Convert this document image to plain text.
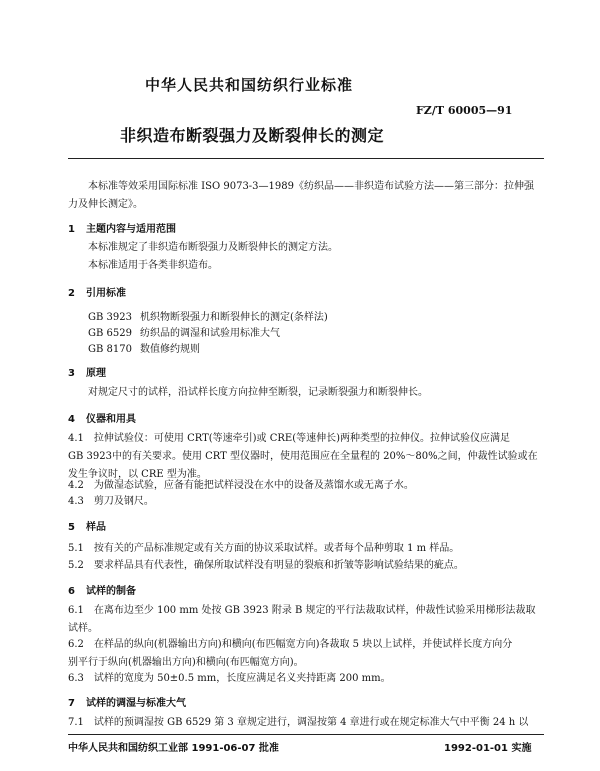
中华人民共和国纺织行业标准
FZ/T 60005—91
非织造布断裂强力及断裂伸长的测定
本标准等效采用国际标准 ISO 9073-3—1989《纺织品——非织造布试验方法——第三部分：拉伸强
力及伸长测定》。
1 主题内容与适用范围
本标准规定了非织造布断裂强力及断裂伸长的测定方法。
本标准适用于各类非织造布。
2 引用标准
GB 3923 机织物断裂强力和断裂伸长的测定(条样法)
GB 6529 纺织品的调湿和试验用标准大气
GB 8170 数值修约规则
3 原理
对规定尺寸的试样，沿试样长度方向拉伸至断裂，记录断裂强力和断裂伸长。
4 仪器和用具
4.1　拉伸试验仪：可使用 CRT(等速牵引)或 CRE(等速伸长)两种类型的拉伸仪。拉伸试验仪应满足
GB 3923中的有关要求。使用 CRT 型仪器时，使用范围应在全量程的 20%～80%之间，仲裁性试验或在
发生争议时，以 CRE 型为准。
4.2　为做湿态试验，应备有能把试样浸没在水中的设备及蒸馏水或无离子水。
4.3　剪刀及钢尺。
5 样品
5.1　按有关的产品标准规定或有关方面的协议采取试样。或者每个品种剪取 1 m 样品。
5.2　要求样品具有代表性，确保所取试样没有明显的裂痕和折皱等影响试验结果的疵点。
6 试样的制备
6.1　在离布边至少 100 mm 处按 GB 3923 附录 B 规定的平行法裁取试样，仲裁性试验采用梯形法裁取
试样。
6.2　在样品的纵向(机器输出方向)和横向(布匹幅宽方向)各裁取 5 块以上试样，并使试样长度方向分
别平行于纵向(机器输出方向)和横向(布匹幅宽方向)。
6.3　试样的宽度为 50±0.5 mm，长度应满足名义夹持距离 200 mm。
7 试样的调湿与标准大气
7.1　试样的预调湿按 GB 6529 第 3 章规定进行，调湿按第 4 章进行或在规定标准大气中平衡 24 h 以
中华人民共和国纺织工业部 1991-06-07 批准	1992-01-01 实施
